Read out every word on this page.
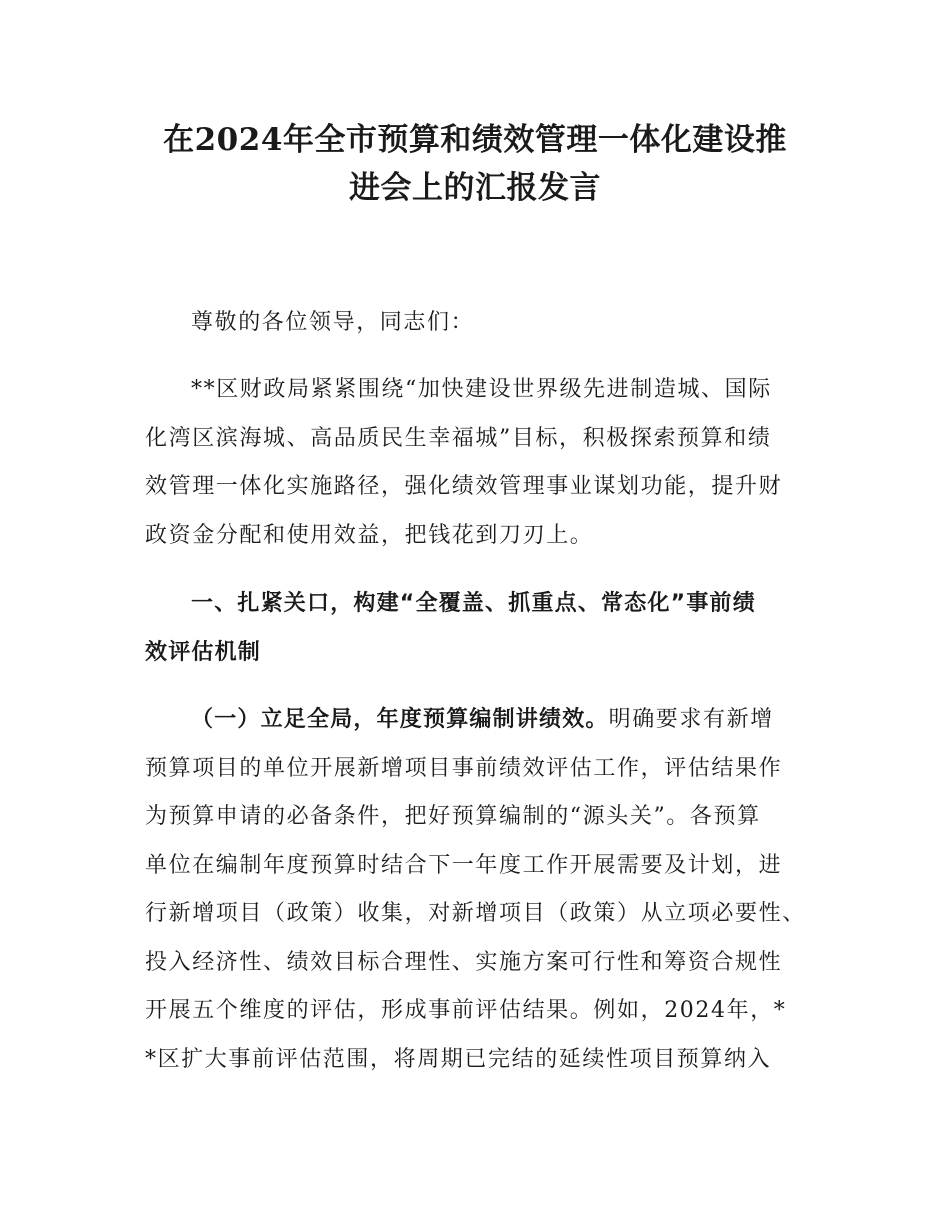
在2024年全市预算和绩效管理一体化建设推
进会上的汇报发言

尊敬的各位领导，同志们：

**区财政局紧紧围绕“加快建设世界级先进制造城、国际
化湾区滨海城、高品质民生幸福城”目标，积极探索预算和绩
效管理一体化实施路径，强化绩效管理事业谋划功能，提升财
政资金分配和使用效益，把钱花到刀刃上。

一、扎紧关口，构建“全覆盖、抓重点、常态化”事前绩
效评估机制

（一）立足全局，年度预算编制讲绩效。明确要求有新增
预算项目的单位开展新增项目事前绩效评估工作，评估结果作
为预算申请的必备条件，把好预算编制的“源头关”。各预算
单位在编制年度预算时结合下一年度工作开展需要及计划，进
行新增项目（政策）收集，对新增项目（政策）从立项必要性、
投入经济性、绩效目标合理性、实施方案可行性和筹资合规性
开展五个维度的评估，形成事前评估结果。例如，2024年，*
*区扩大事前评估范围，将周期已完结的延续性项目预算纳入
